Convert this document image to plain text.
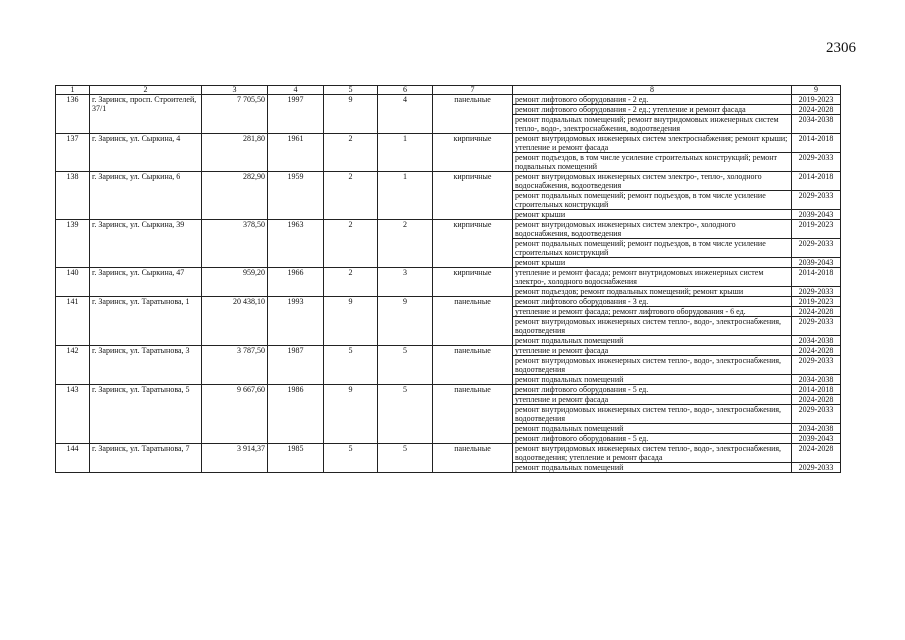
2306
1	2	3	4	5	6	7	8	9
136	г. Заринск, просп. Строителей, 37/1	7 705,50	1997	9	4	панельные	ремонт лифтового оборудования - 2 ед.	2019-2023
							ремонт лифтового оборудования - 2 ед.; утепление и ремонт фасада	2024-2028
							ремонт подвальных помещений; ремонт внутридомовых инженерных систем тепло-, водо-, электроснабжения, водоотведения	2034-2038
137	г. Заринск, ул. Сыркина, 4	281,80	1961	2	1	кирпичные	ремонт внутридомовых инженерных систем электроснабжения; ремонт крыши; утепление и ремонт фасада	2014-2018
							ремонт подъездов, в том числе усиление строительных конструкций; ремонт подвальных помещений	2029-2033
138	г. Заринск, ул. Сыркина, 6	282,90	1959	2	1	кирпичные	ремонт внутридомовых инженерных систем электро-, тепло-, холодного водоснабжения, водоотведения	2014-2018
							ремонт подвальных помещений; ремонт подъездов, в том числе усиление строительных конструкций	2029-2033
							ремонт крыши	2039-2043
139	г. Заринск, ул. Сыркина, 39	378,50	1963	2	2	кирпичные	ремонт внутридомовых инженерных систем электро-, холодного водоснабжения, водоотведения	2019-2023
							ремонт подвальных помещений; ремонт подъездов, в том числе усиление строительных конструкций	2029-2033
							ремонт крыши	2039-2043
140	г. Заринск, ул. Сыркина, 47	959,20	1966	2	3	кирпичные	утепление и ремонт фасада; ремонт внутридомовых инженерных систем электро-, холодного водоснабжения	2014-2018
							ремонт подъездов; ремонт подвальных помещений; ремонт крыши	2029-2033
141	г. Заринск, ул. Таратынова, 1	20 438,10	1993	9	9	панельные	ремонт лифтового оборудования - 3 ед.	2019-2023
							утепление и ремонт фасада; ремонт лифтового оборудования - 6 ед.	2024-2028
							ремонт внутридомовых инженерных систем тепло-, водо-, электроснабжения, водоотведения	2029-2033
							ремонт подвальных помещений	2034-2038
142	г. Заринск, ул. Таратынова, 3	3 787,50	1987	5	5	панельные	утепление и ремонт фасада	2024-2028
							ремонт внутридомовых инженерных систем тепло-, водо-, электроснабжения, водоотведения	2029-2033
							ремонт подвальных помещений	2034-2038
143	г. Заринск, ул. Таратынова, 5	9 667,60	1986	9	5	панельные	ремонт лифтового оборудования - 5 ед.	2014-2018
							утепление и ремонт фасада	2024-2028
							ремонт внутридомовых инженерных систем тепло-, водо-, электроснабжения, водоотведения	2029-2033
							ремонт подвальных помещений	2034-2038
							ремонт лифтового оборудования - 5 ед.	2039-2043
144	г. Заринск, ул. Таратынова, 7	3 914,37	1985	5	5	панельные	ремонт внутридомовых инженерных систем тепло-, водо-, электроснабжения, водоотведения; утепление и ремонт фасада	2024-2028
							ремонт подвальных помещений	2029-2033
